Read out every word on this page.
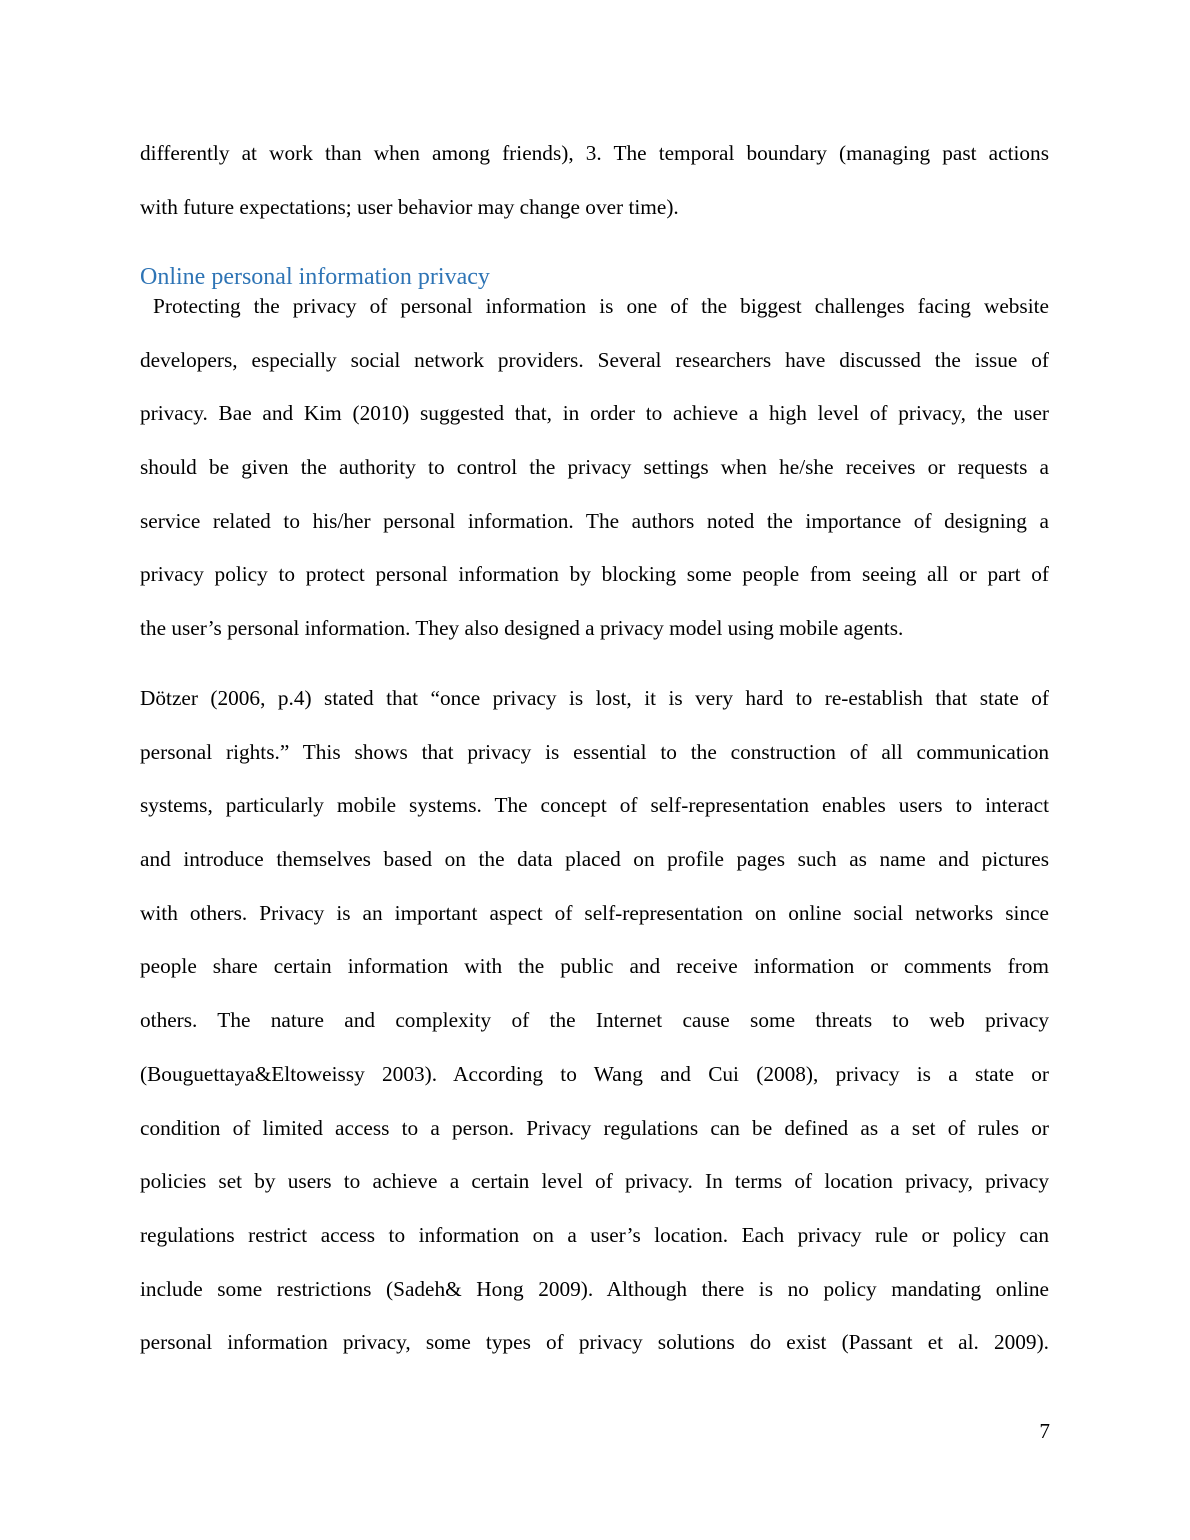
differently at work than when among friends), 3. The temporal boundary (managing past actions
with future expectations; user behavior may change over time).

Online personal information privacy

Protecting the privacy of personal information is one of the biggest challenges facing website
developers, especially social network providers. Several researchers have discussed the issue of
privacy. Bae and Kim (2010) suggested that, in order to achieve a high level of privacy, the user
should be given the authority to control the privacy settings when he/she receives or requests a
service related to his/her personal information. The authors noted the importance of designing a
privacy policy to protect personal information by blocking some people from seeing all or part of
the user’s personal information. They also designed a privacy model using mobile agents.

Dötzer (2006, p.4) stated that “once privacy is lost, it is very hard to re-establish that state of
personal rights.” This shows that privacy is essential to the construction of all communication
systems, particularly mobile systems. The concept of self-representation enables users to interact
and introduce themselves based on the data placed on profile pages such as name and pictures
with others. Privacy is an important aspect of self-representation on online social networks since
people share certain information with the public and receive information or comments from
others. The nature and complexity of the Internet cause some threats to web privacy
(Bouguettaya&Eltoweissy 2003). According to Wang and Cui (2008), privacy is a state or
condition of limited access to a person. Privacy regulations can be defined as a set of rules or
policies set by users to achieve a certain level of privacy. In terms of location privacy, privacy
regulations restrict access to information on a user’s location. Each privacy rule or policy can
include some restrictions (Sadeh& Hong 2009). Although there is no policy mandating online
personal information privacy, some types of privacy solutions do exist (Passant et al. 2009).

7
